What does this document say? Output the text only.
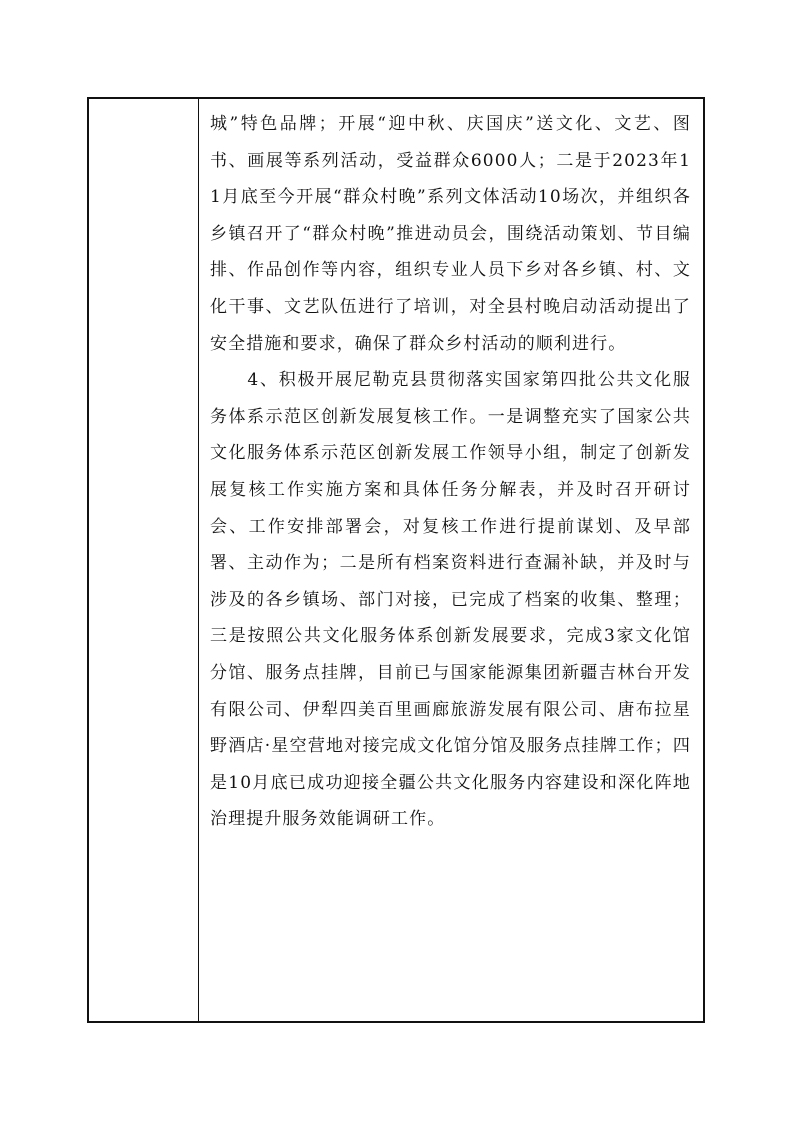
城”特色品牌；开展“迎中秋、庆国庆”送文化、文艺、图书、画展等系列活动，受益群众6000人；二是于2023年11月底至今开展“群众村晚”系列文体活动10场次，并组织各乡镇召开了“群众村晚”推进动员会，围绕活动策划、节目编排、作品创作等内容，组织专业人员下乡对各乡镇、村、文化干事、文艺队伍进行了培训，对全县村晚启动活动提出了安全措施和要求，确保了群众乡村活动的顺利进行。

4、积极开展尼勒克县贯彻落实国家第四批公共文化服务体系示范区创新发展复核工作。一是调整充实了国家公共文化服务体系示范区创新发展工作领导小组，制定了创新发展复核工作实施方案和具体任务分解表，并及时召开研讨会、工作安排部署会，对复核工作进行提前谋划、及早部署、主动作为；二是所有档案资料进行查漏补缺，并及时与涉及的各乡镇场、部门对接，已完成了档案的收集、整理；三是按照公共文化服务体系创新发展要求，完成3家文化馆分馆、服务点挂牌，目前已与国家能源集团新疆吉林台开发有限公司、伊犁四美百里画廊旅游发展有限公司、唐布拉星野酒店·星空营地对接完成文化馆分馆及服务点挂牌工作；四是10月底已成功迎接全疆公共文化服务内容建设和深化阵地治理提升服务效能调研工作。
